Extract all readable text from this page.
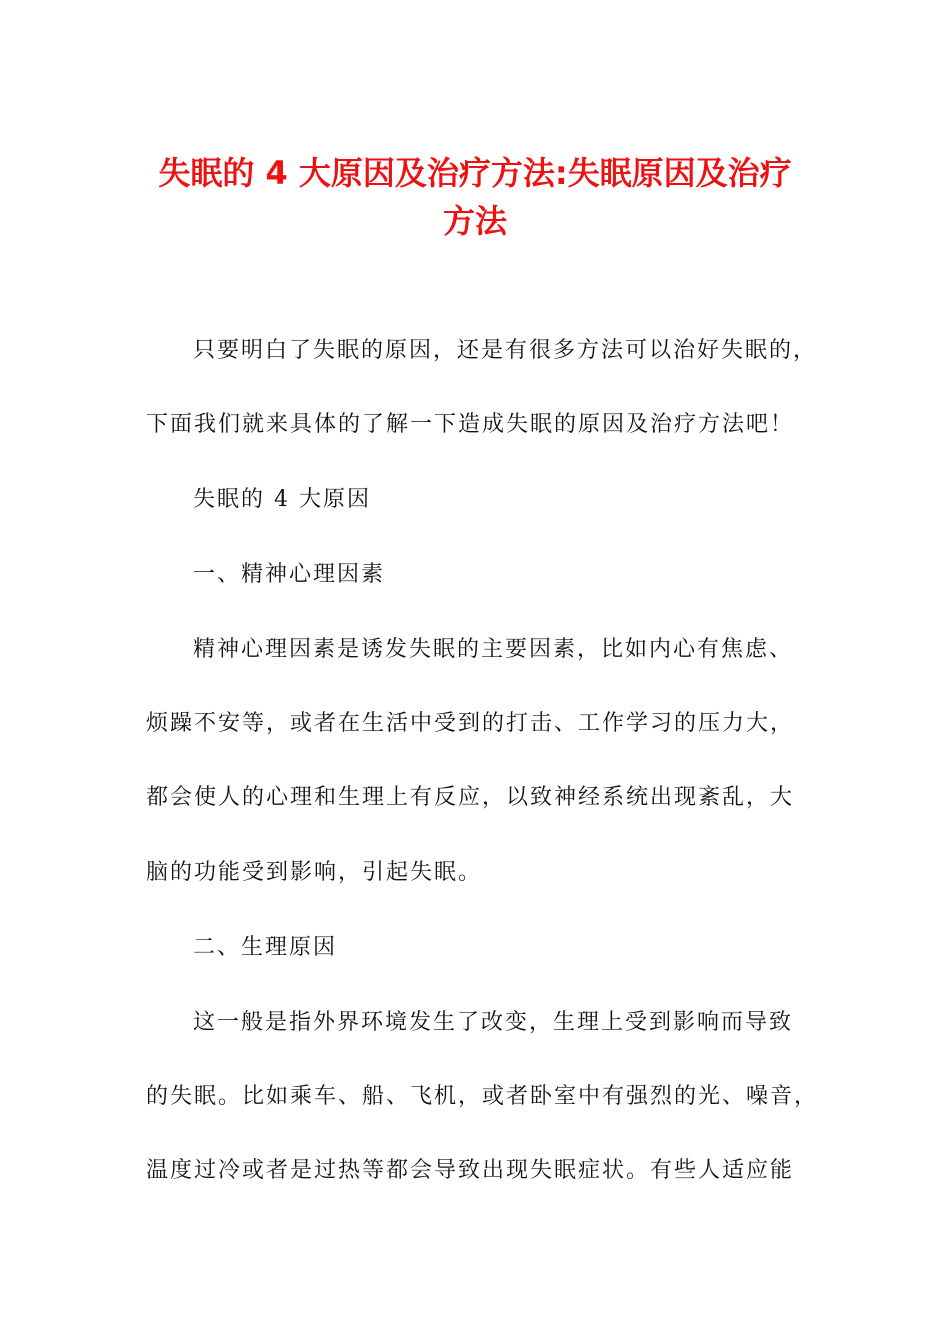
失眠的 4 大原因及治疗方法:失眠原因及治疗
方法
只要明白了失眠的原因，还是有很多方法可以治好失眠的，
下面我们就来具体的了解一下造成失眠的原因及治疗方法吧！
失眠的 4 大原因
一、精神心理因素
精神心理因素是诱发失眠的主要因素，比如内心有焦虑、
烦躁不安等，或者在生活中受到的打击、工作学习的压力大，
都会使人的心理和生理上有反应，以致神经系统出现紊乱，大
脑的功能受到影响，引起失眠。
二、生理原因
这一般是指外界环境发生了改变，生理上受到影响而导致
的失眠。比如乘车、船、飞机，或者卧室中有强烈的光、噪音，
温度过冷或者是过热等都会导致出现失眠症状。有些人适应能
